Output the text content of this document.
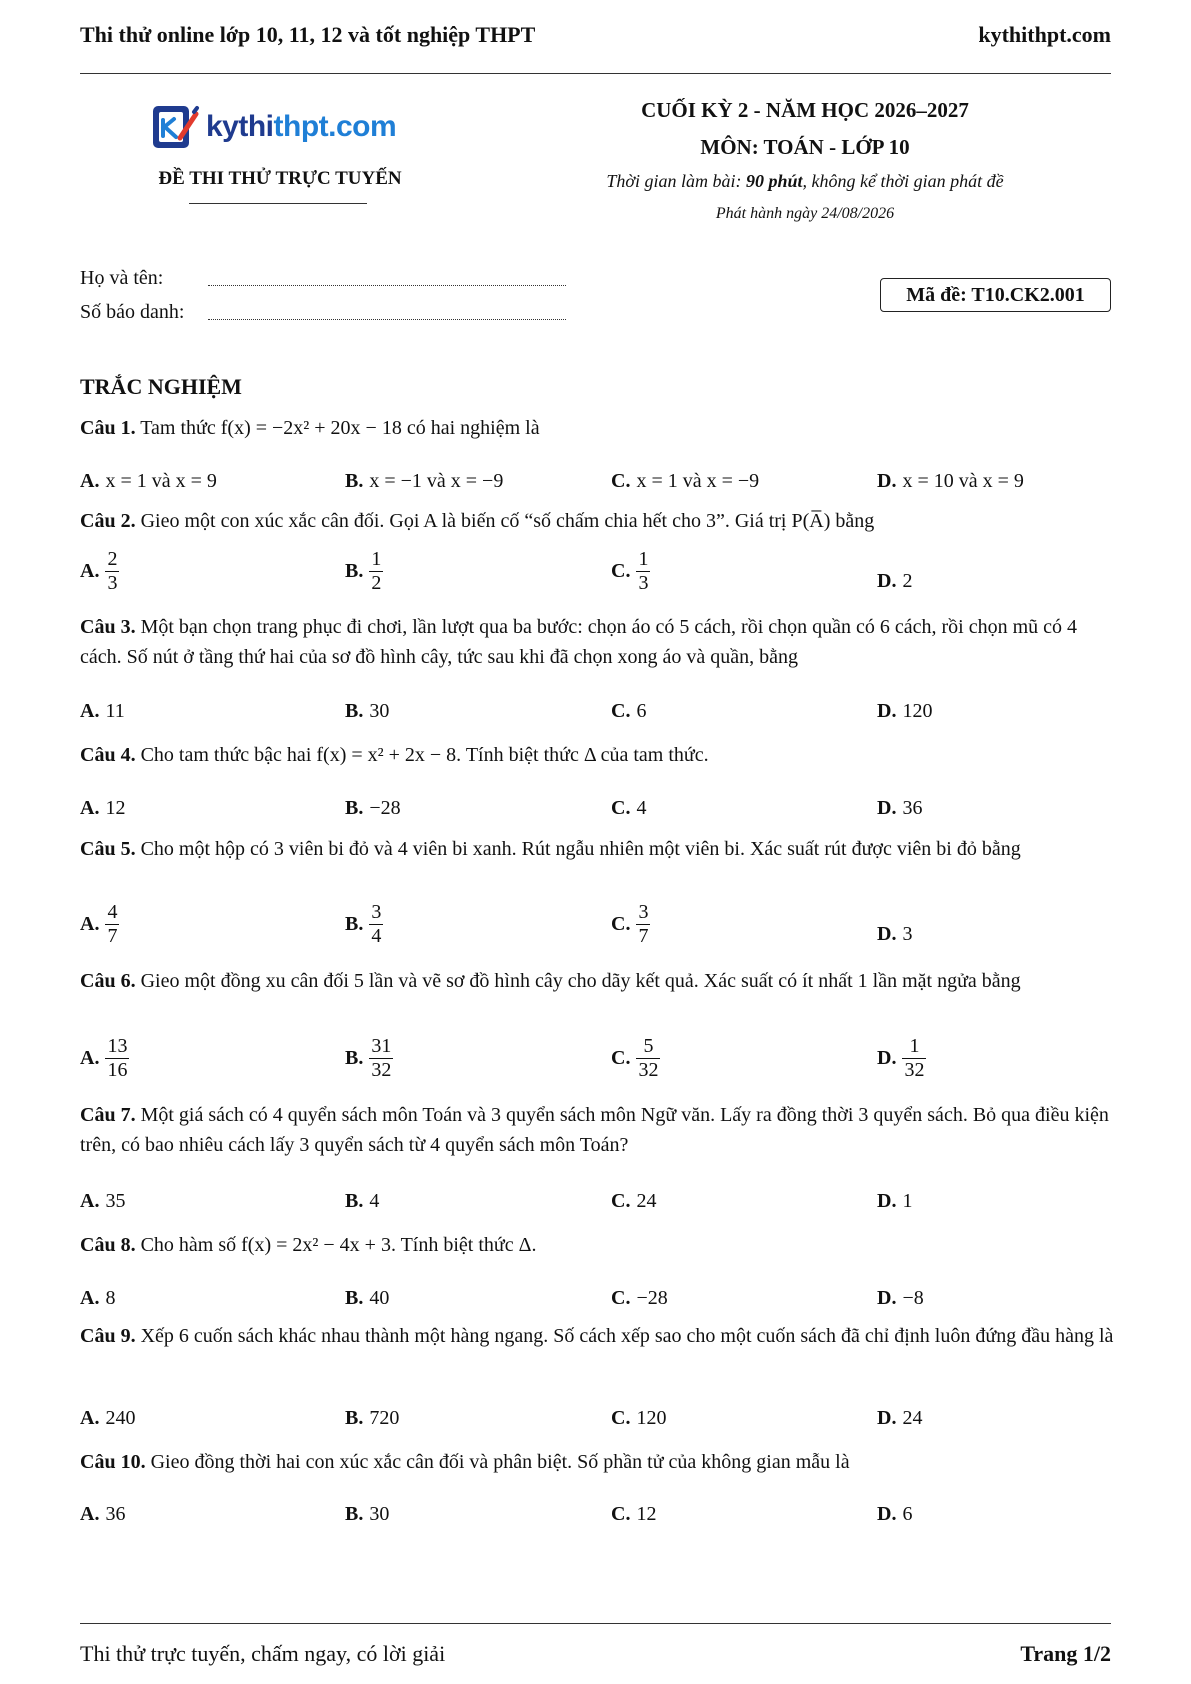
Thi thử online lớp 10, 11, 12 và tốt nghiệp THPT	kythithpt.com
kythithpt.com
ĐỀ THI THỬ TRỰC TUYẾN
CUỐI KỲ 2 - NĂM HỌC 2026–2027
MÔN: TOÁN - LỚP 10
Thời gian làm bài: 90 phút, không kể thời gian phát đề
Phát hành ngày 24/08/2026
Họ và tên:
Số báo danh:
Mã đề: T10.CK2.001
TRẮC NGHIỆM
Câu 1. Tam thức f(x) = −2x² + 20x − 18 có hai nghiệm là
A. x = 1 và x = 9	B. x = −1 và x = −9	C. x = 1 và x = −9	D. x = 10 và x = 9
Câu 2. Gieo một con xúc xắc cân đối. Gọi A là biến cố “số chấm chia hết cho 3”. Giá trị P(A̅) bằng
A. $\frac{2}{3}$	B. $\frac{1}{2}$	C. $\frac{1}{3}$	D. 2
Câu 3. Một bạn chọn trang phục đi chơi, lần lượt qua ba bước: chọn áo có 5 cách, rồi chọn quần có 6 cách, rồi chọn mũ có 4 cách. Số nút ở tầng thứ hai của sơ đồ hình cây, tức sau khi đã chọn xong áo và quần, bằng
A. 11	B. 30	C. 6	D. 120
Câu 4. Cho tam thức bậc hai f(x) = x² + 2x − 8. Tính biệt thức Δ của tam thức.
A. 12	B. −28	C. 4	D. 36
Câu 5. Cho một hộp có 3 viên bi đỏ và 4 viên bi xanh. Rút ngẫu nhiên một viên bi. Xác suất rút được viên bi đỏ bằng
A. $\frac{4}{7}$	B. $\frac{3}{4}$	C. $\frac{3}{7}$	D. 3
Câu 6. Gieo một đồng xu cân đối 5 lần và vẽ sơ đồ hình cây cho dãy kết quả. Xác suất có ít nhất 1 lần mặt ngửa bằng
A. $\frac{13}{16}$	B. $\frac{31}{32}$	C. $\frac{5}{32}$	D. $\frac{1}{32}$
Câu 7. Một giá sách có 4 quyển sách môn Toán và 3 quyển sách môn Ngữ văn. Lấy ra đồng thời 3 quyển sách. Bỏ qua điều kiện trên, có bao nhiêu cách lấy 3 quyển sách từ 4 quyển sách môn Toán?
A. 35	B. 4	C. 24	D. 1
Câu 8. Cho hàm số f(x) = 2x² − 4x + 3. Tính biệt thức Δ.
A. 8	B. 40	C. −28	D. −8
Câu 9. Xếp 6 cuốn sách khác nhau thành một hàng ngang. Số cách xếp sao cho một cuốn sách đã chỉ định luôn đứng đầu hàng là
A. 240	B. 720	C. 120	D. 24
Câu 10. Gieo đồng thời hai con xúc xắc cân đối và phân biệt. Số phần tử của không gian mẫu là
A. 36	B. 30	C. 12	D. 6
Thi thử trực tuyến, chấm ngay, có lời giải	Trang 1/2
